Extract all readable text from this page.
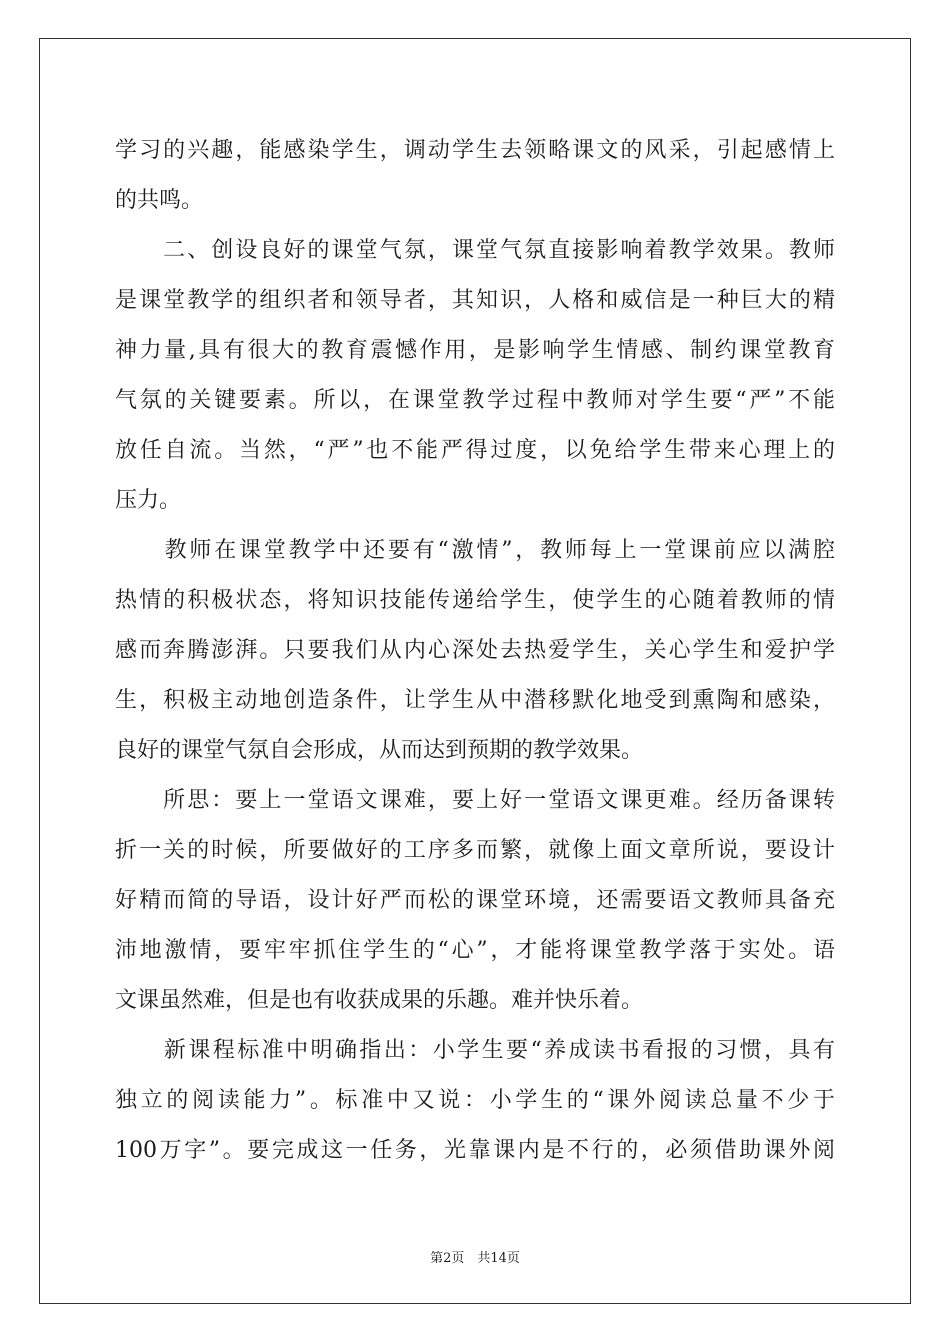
学习的兴趣，能感染学生，调动学生去领略课文的风采，引起感情上
的共鸣。
　　二、创设良好的课堂气氛，课堂气氛直接影响着教学效果。教师
是课堂教学的组织者和领导者，其知识，人格和威信是一种巨大的精
神力量,具有很大的教育震憾作用，是影响学生情感、制约课堂教育
气氛的关键要素。所以，在课堂教学过程中教师对学生要“严”不能
放任自流。当然，“严”也不能严得过度，以免给学生带来心理上的
压力。
　　教师在课堂教学中还要有“激情”，教师每上一堂课前应以满腔
热情的积极状态，将知识技能传递给学生，使学生的心随着教师的情
感而奔腾澎湃。只要我们从内心深处去热爱学生，关心学生和爱护学
生，积极主动地创造条件，让学生从中潜移默化地受到熏陶和感染，
良好的课堂气氛自会形成，从而达到预期的教学效果。
　　所思：要上一堂语文课难，要上好一堂语文课更难。经历备课转
折一关的时候，所要做好的工序多而繁，就像上面文章所说，要设计
好精而简的导语，设计好严而松的课堂环境，还需要语文教师具备充
沛地激情，要牢牢抓住学生的“心”，才能将课堂教学落于实处。语
文课虽然难，但是也有收获成果的乐趣。难并快乐着。
　　新课程标准中明确指出：小学生要“养成读书看报的习惯，具有
独立的阅读能力”。标准中又说：小学生的“课外阅读总量不少于
100万字”。要完成这一任务，光靠课内是不行的，必须借助课外阅
第2页　共14页
